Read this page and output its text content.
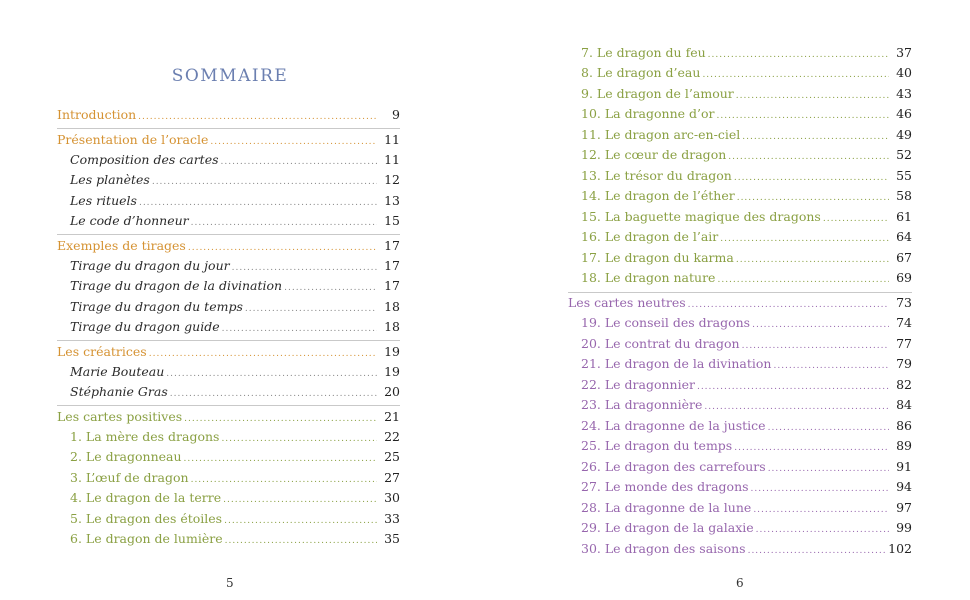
SOMMAIRE
Introduction .....	9
Présentation de l’oracle .....	11
Composition des cartes .....	11
Les planètes .....	12
Les rituels .....	13
Le code d’honneur .....	15
Exemples de tirages .....	17
Tirage du dragon du jour .....	17
Tirage du dragon de la divination .....	17
Tirage du dragon du temps .....	18
Tirage du dragon guide .....	18
Les créatrices .....	19
Marie Bouteau .....	19
Stéphanie Gras .....	20
Les cartes positives .....	21
1. La mère des dragons .....	22
2. Le dragonneau .....	25
3. L’œuf de dragon .....	27
4. Le dragon de la terre .....	30
5. Le dragon des étoiles .....	33
6. Le dragon de lumière .....	35
5
7. Le dragon du feu .....	37
8. Le dragon d’eau .....	40
9. Le dragon de l’amour .....	43
10. La dragonne d’or .....	46
11. Le dragon arc-en-ciel .....	49
12. Le cœur de dragon .....	52
13. Le trésor du dragon .....	55
14. Le dragon de l’éther .....	58
15. La baguette magique des dragons .....	61
16. Le dragon de l’air .....	64
17. Le dragon du karma .....	67
18. Le dragon nature .....	69
Les cartes neutres .....	73
19. Le conseil des dragons .....	74
20. Le contrat du dragon .....	77
21. Le dragon de la divination .....	79
22. Le dragonnier .....	82
23. La dragonnière .....	84
24. La dragonne de la justice .....	86
25. Le dragon du temps .....	89
26. Le dragon des carrefours .....	91
27. Le monde des dragons .....	94
28. La dragonne de la lune .....	97
29. Le dragon de la galaxie .....	99
30. Le dragon des saisons .....	102
6
